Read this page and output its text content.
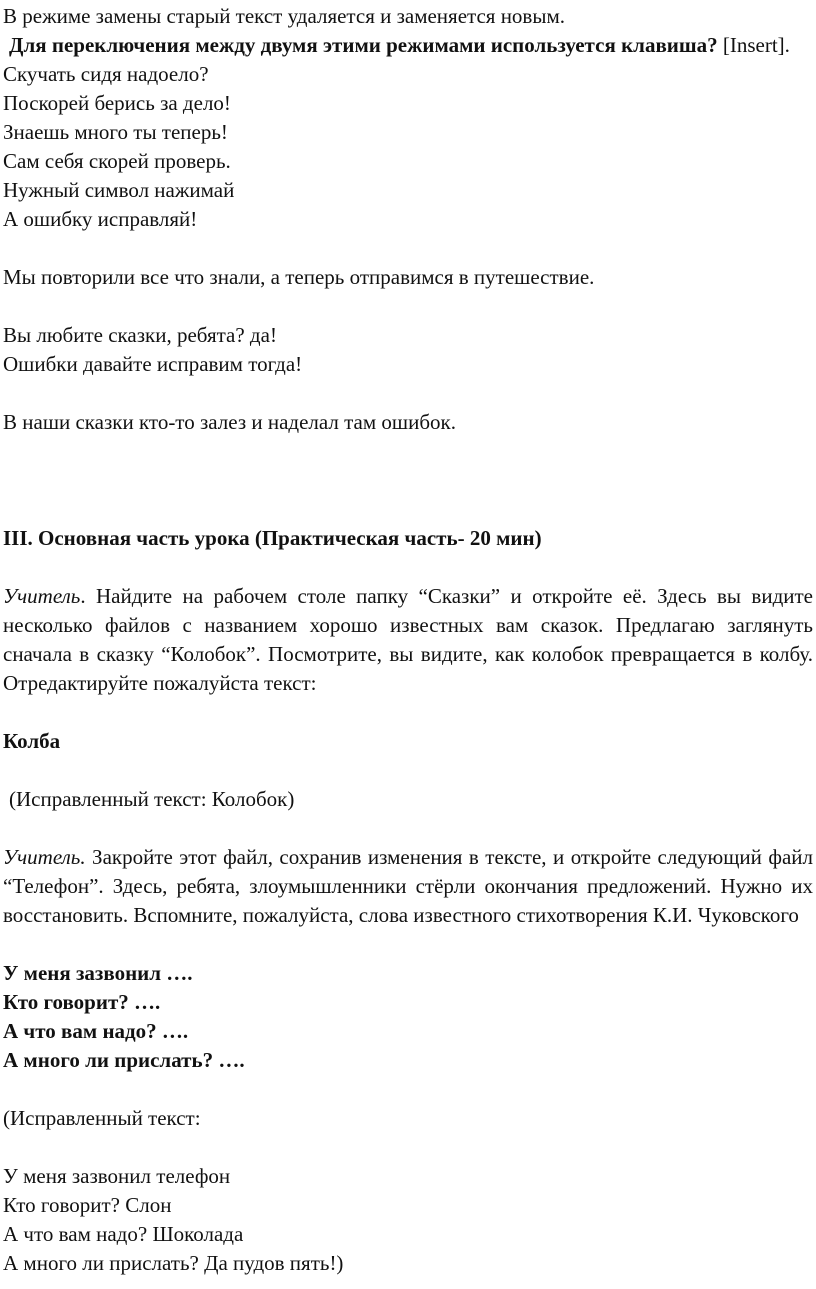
В режиме замены старый текст удаляется и заменяется новым.

Для переключения между двумя этими режимами используется клавиша? [Insert].

Скучать сидя надоело?

Поскорей берись за дело!

Знаешь много ты теперь!

Сам себя скорей проверь.

Нужный символ нажимай

А ошибку исправляй!

Мы повторили все что знали, а теперь отправимся в путешествие.

Вы любите сказки, ребята? да!

Ошибки давайте исправим тогда!

В наши сказки кто-то залез и наделал там ошибок.

III. Основная часть урока (Практическая часть- 20 мин)

Учитель. Найдите на рабочем столе папку “Сказки” и откройте её. Здесь вы видите несколько файлов с названием хорошо известных вам сказок. Предлагаю заглянуть сначала в сказку “Колобок”. Посмотрите, вы видите, как колобок превращается в колбу. Отредактируйте пожалуйста текст:

Колба

(Исправленный текст: Колобок)

Учитель. Закройте этот файл, сохранив изменения в тексте, и откройте следующий файл “Телефон”. Здесь, ребята, злоумышленники стёрли окончания предложений. Нужно их восстановить. Вспомните, пожалуйста, слова известного стихотворения К.И. Чуковского

У меня зазвонил ….

Кто говорит? ….

А что вам надо? ….

А много ли прислать? ….

(Исправленный текст:

У меня зазвонил телефон

Кто говорит? Слон

А что вам надо? Шоколада

А много ли прислать? Да пудов пять!)
